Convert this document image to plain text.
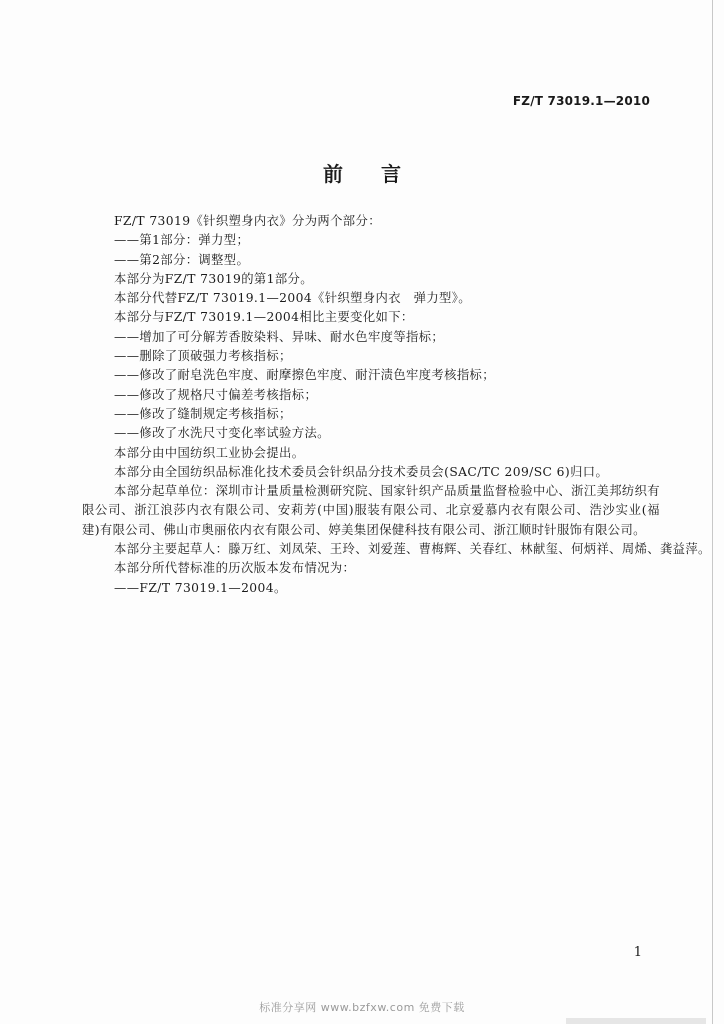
FZ/T 73019.1—2010
前言

FZ/T 73019《针织塑身内衣》分为两个部分：

——第1部分：弹力型；

——第2部分：调整型。

本部分为FZ/T 73019的第1部分。

本部分代替FZ/T 73019.1—2004《针织塑身内衣　弹力型》。

本部分与FZ/T 73019.1—2004相比主要变化如下：

——增加了可分解芳香胺染料、异味、耐水色牢度等指标；

——删除了顶破强力考核指标；

——修改了耐皂洗色牢度、耐摩擦色牢度、耐汗渍色牢度考核指标；

——修改了规格尺寸偏差考核指标；

——修改了缝制规定考核指标；

——修改了水洗尺寸变化率试验方法。

本部分由中国纺织工业协会提出。

本部分由全国纺织品标准化技术委员会针织品分技术委员会(SAC/TC 209/SC 6)归口。

本部分起草单位：深圳市计量质量检测研究院、国家针织产品质量监督检验中心、浙江美邦纺织有限公司、浙江浪莎内衣有限公司、安莉芳(中国)服装有限公司、北京爱慕内衣有限公司、浩沙实业(福建)有限公司、佛山市奥丽依内衣有限公司、婷美集团保健科技有限公司、浙江顺时针服饰有限公司。

本部分主要起草人：滕万红、刘凤荣、王玲、刘爱莲、曹梅辉、关春红、林献玺、何炳祥、周烯、龚益萍。

本部分所代替标准的历次版本发布情况为：

——FZ/T 73019.1—2004。

1
标准分享网 www.bzfxw.com 免费下载
